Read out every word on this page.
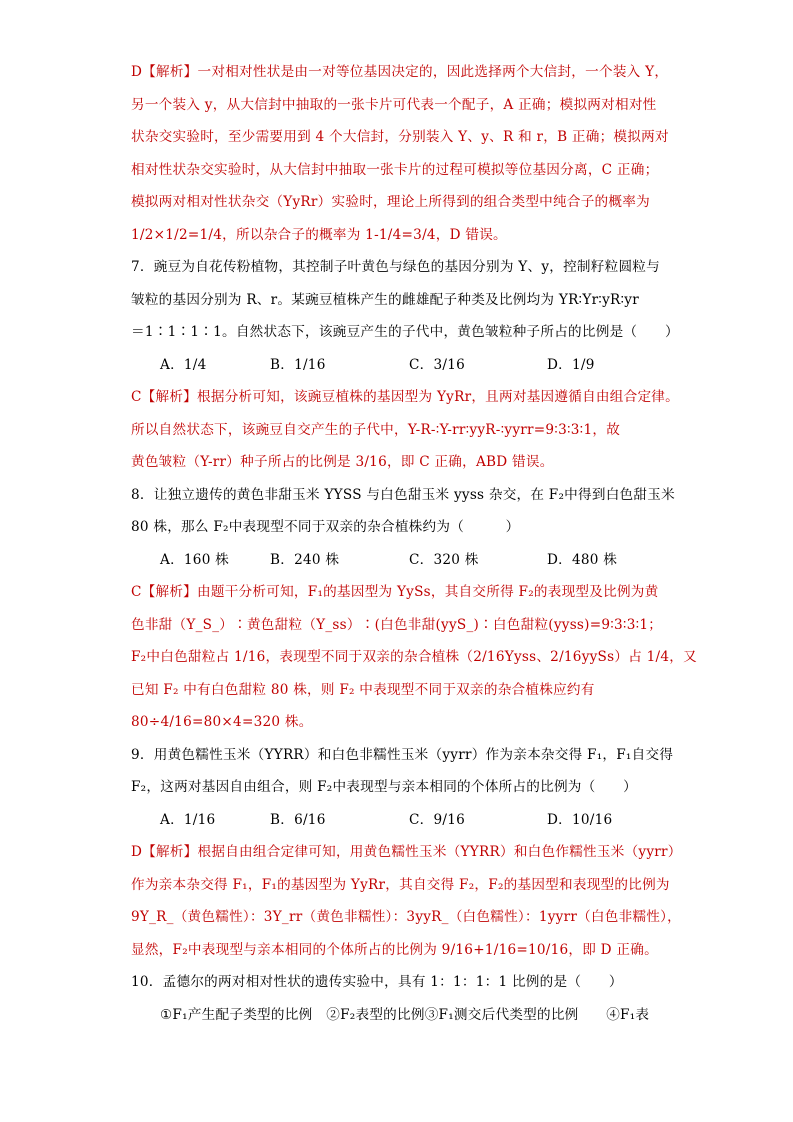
D【解析】一对相对性状是由一对等位基因决定的，因此选择两个大信封，一个装入 Y，

另一个装入 y，从大信封中抽取的一张卡片可代表一个配子，A 正确；模拟两对相对性

状杂交实验时，至少需要用到 4 个大信封，分别装入 Y、y、R 和 r，B 正确；模拟两对

相对性状杂交实验时，从大信封中抽取一张卡片的过程可模拟等位基因分离，C 正确；

模拟两对相对性状杂交（YyRr）实验时，理论上所得到的组合类型中纯合子的概率为

1/2×1/2=1/4，所以杂合子的概率为 1-1/4=3/4，D 错误。

7．豌豆为自花传粉植物，其控制子叶黄色与绿色的基因分别为 Y、y，控制籽粒圆粒与

皱粒的基因分别为 R、r。某豌豆植株产生的雌雄配子种类及比例均为 YR∶Yr∶yR∶yr

＝1∶1∶1∶1。自然状态下，该豌豆产生的子代中，黄色皱粒种子所占的比例是（　　）

A．1/4	B．1/16	C．3/16	D．1/9

C【解析】根据分析可知，该豌豆植株的基因型为 YyRr，且两对基因遵循自由组合定律。

所以自然状态下，该豌豆自交产生的子代中，Y-R-∶Y-rr∶yyR-∶yyrr=9∶3∶3∶1，故

黄色皱粒（Y-rr）种子所占的比例是 3/16，即 C 正确，ABD 错误。

8．让独立遗传的黄色非甜玉米 YYSS 与白色甜玉米 yyss 杂交，在 F₂中得到白色甜玉米

80 株，那么 F₂中表现型不同于双亲的杂合植株约为（　　　）

A．160 株	B．240 株	C．320 株	D．480 株

C【解析】由题干分析可知，F₁的基因型为 YySs，其自交所得 F₂的表现型及比例为黄

色非甜（Y_S_）∶黄色甜粒（Y_ss）∶(白色非甜(yyS_)∶白色甜粒(yyss)=9∶3∶3∶1；

F₂中白色甜粒占 1/16，表现型不同于双亲的杂合植株（2/16Yyss、2/16yySs）占 1/4，又

已知 F₂ 中有白色甜粒 80 株，则 F₂ 中表现型不同于双亲的杂合植株应约有

80÷4/16=80×4=320 株。

9．用黄色糯性玉米（YYRR）和白色非糯性玉米（yyrr）作为亲本杂交得 F₁，F₁自交得

F₂，这两对基因自由组合，则 F₂中表现型与亲本相同的个体所占的比例为（　　）

A．1/16	B．6/16	C．9/16	D．10/16

D【解析】根据自由组合定律可知，用黄色糯性玉米（YYRR）和白色作糯性玉米（yyrr）

作为亲本杂交得 F₁，F₁的基因型为 YyRr，其自交得 F₂，F₂的基因型和表现型的比例为

9Y_R_（黄色糯性）：3Y_rr（黄色非糯性）：3yyR_（白色糯性）：1yyrr（白色非糯性），

显然，F₂中表现型与亲本相同的个体所占的比例为 9/16+1/16=10/16，即 D 正确。

10．孟德尔的两对相对性状的遗传实验中，具有 1：1：1：1 比例的是（　　）

①F₁产生配子类型的比例　②F₂表型的比例③F₁测交后代类型的比例　　④F₁表
